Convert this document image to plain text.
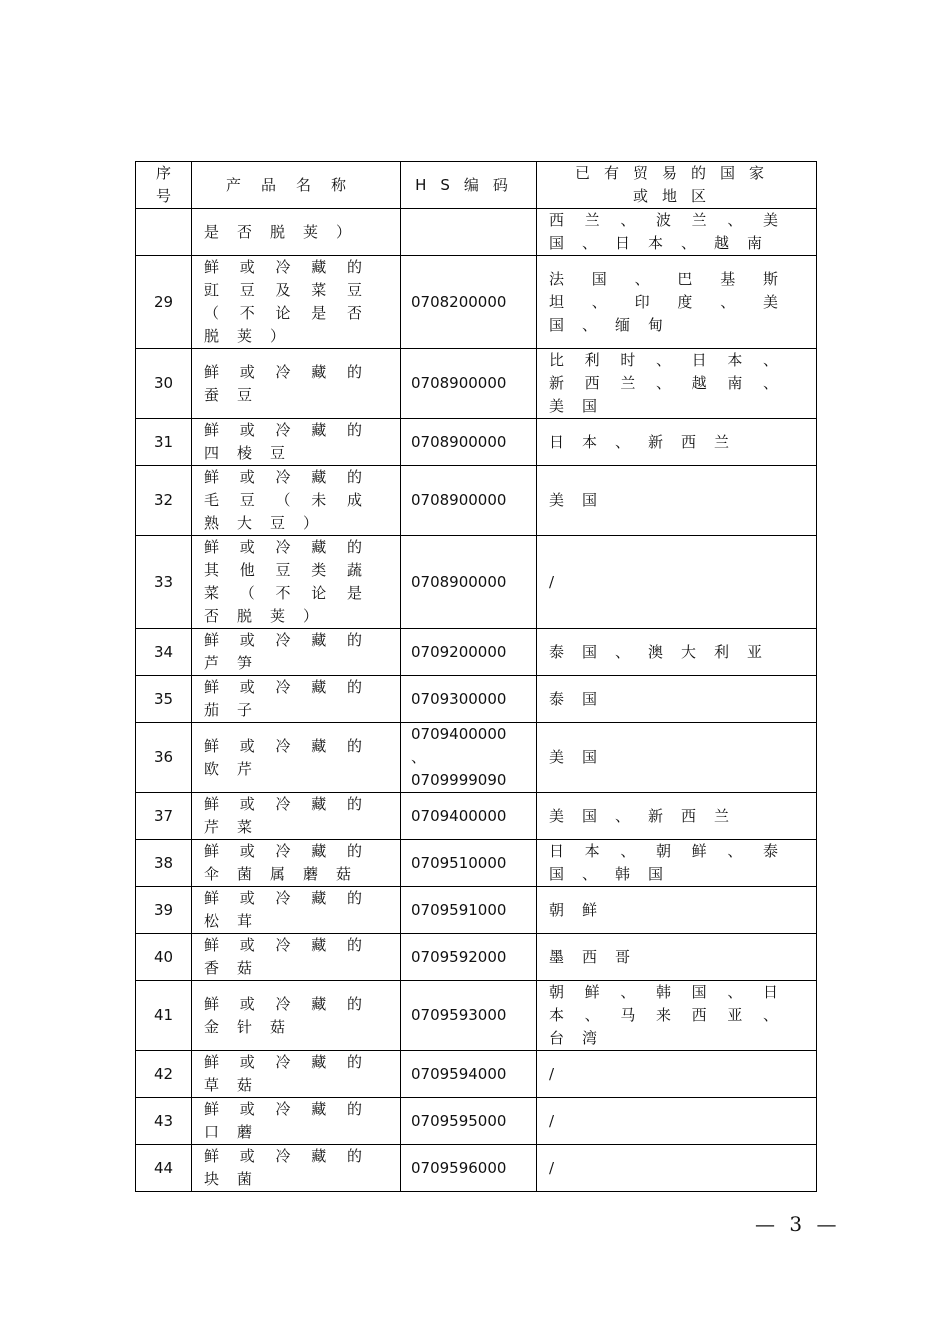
序号	产品名称	HS编码	已有贸易的国家
或地区

	是否脱荚）		西兰、波兰、美
国、日本、越南

29	鲜或冷藏的
豇豆及菜豆
（不论是否
脱荚）	0708200000	法国、巴基斯
坦、印度、美
国、缅甸

30	鲜或冷藏的
蚕豆	0708900000	比利时、日本、
新西兰、越南、
美国

31	鲜或冷藏的
四棱豆	0708900000	日本、新西兰

32	鲜或冷藏的
毛豆（未成
熟大豆）	0708900000	美国

33	鲜或冷藏的
其他豆类蔬
菜（不论是
否脱荚）	0708900000	/

34	鲜或冷藏的
芦笋	0709200000	泰国、澳大利亚

35	鲜或冷藏的
茄子	0709300000	泰国

36	鲜或冷藏的
欧芹	0709400000
、
0709999090	美国

37	鲜或冷藏的
芹菜	0709400000	美国、新西兰

38	鲜或冷藏的
伞菌属蘑菇	0709510000	日本、朝鲜、泰
国、韩国

39	鲜或冷藏的
松茸	0709591000	朝鲜

40	鲜或冷藏的
香菇	0709592000	墨西哥

41	鲜或冷藏的
金针菇	0709593000	朝鲜、韩国、日
本、马来西亚、
台湾

42	鲜或冷藏的
草菇	0709594000	/

43	鲜或冷藏的
口蘑	0709595000	/

44	鲜或冷藏的
块菌	0709596000	/
— 3 —
